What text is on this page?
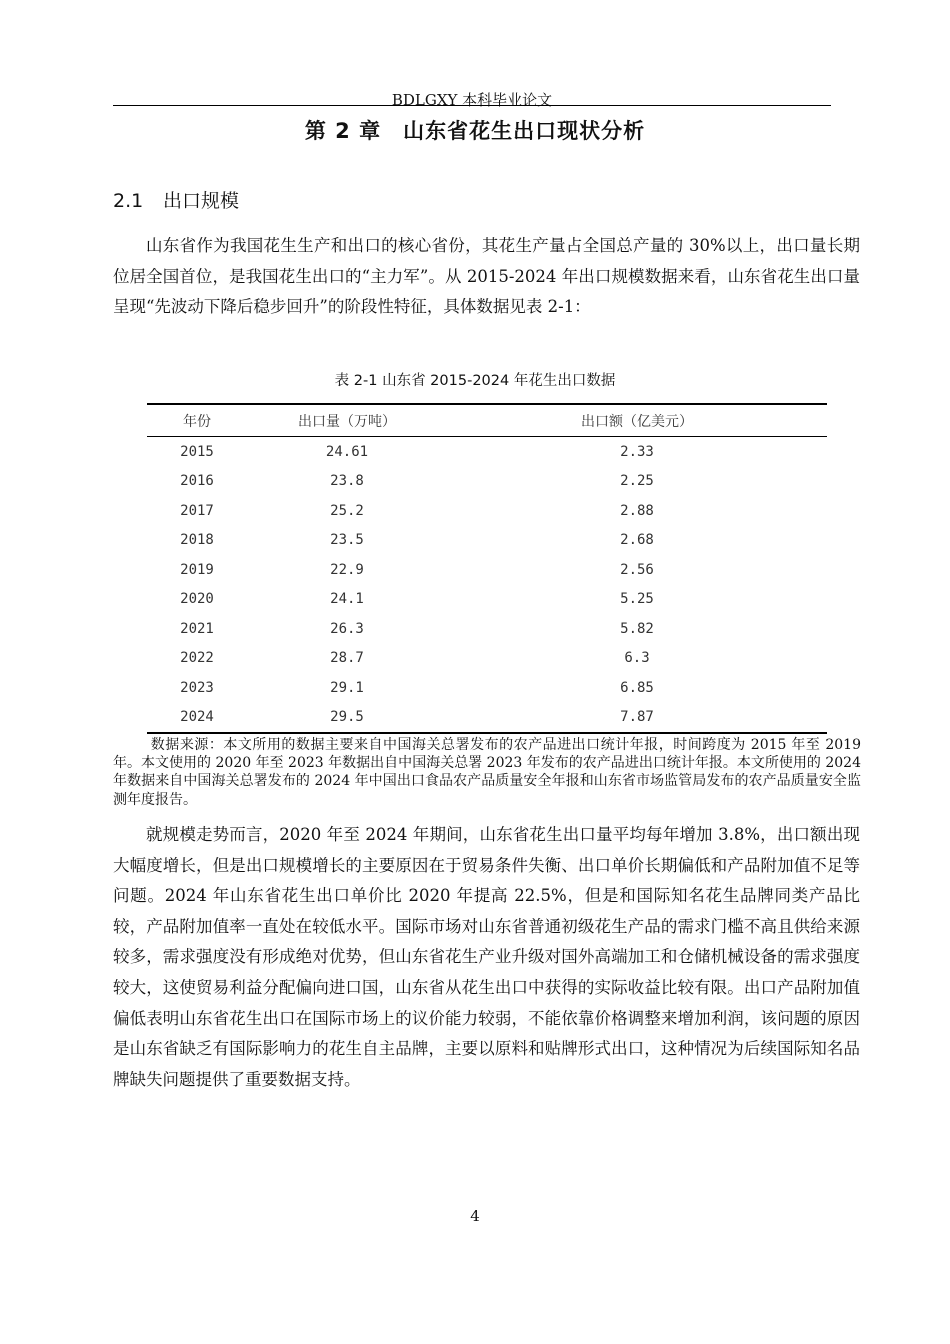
BDLGXY 本科毕业论文
第 2 章　山东省花生出口现状分析
2.1 出口规模

山东省作为我国花生生产和出口的核心省份，其花生产量占全国总产量的 30%以上，出口量长期位居全国首位，是我国花生出口的“主力军”。从 2015-2024 年出口规模数据来看，山东省花生出口量呈现“先波动下降后稳步回升”的阶段性特征，具体数据见表 2-1：

表 2-1 山东省 2015-2024 年花生出口数据
年份	出口量（万吨）	出口额（亿美元）
2015	24.61	2.33
2016	23.8	2.25
2017	25.2	2.88
2018	23.5	2.68
2019	22.9	2.56
2020	24.1	5.25
2021	26.3	5.82
2022	28.7	6.3
2023	29.1	6.85
2024	29.5	7.87

数据来源：本文所用的数据主要来自中国海关总署发布的农产品进出口统计年报，时间跨度为 2015 年至 2019 年。本文使用的 2020 年至 2023 年数据出自中国海关总署 2023 年发布的农产品进出口统计年报。本文所使用的 2024 年数据来自中国海关总署发布的 2024 年中国出口食品农产品质量安全年报和山东省市场监管局发布的农产品质量安全监测年度报告。

就规模走势而言，2020 年至 2024 年期间，山东省花生出口量平均每年增加 3.8%，出口额出现大幅度增长，但是出口规模增长的主要原因在于贸易条件失衡、出口单价长期偏低和产品附加值不足等问题。2024 年山东省花生出口单价比 2020 年提高 22.5%，但是和国际知名花生品牌同类产品比较，产品附加值率一直处在较低水平。国际市场对山东省普通初级花生产品的需求门槛不高且供给来源较多，需求强度没有形成绝对优势，但山东省花生产业升级对国外高端加工和仓储机械设备的需求强度较大，这使贸易利益分配偏向进口国，山东省从花生出口中获得的实际收益比较有限。出口产品附加值偏低表明山东省花生出口在国际市场上的议价能力较弱，不能依靠价格调整来增加利润，该问题的原因是山东省缺乏有国际影响力的花生自主品牌，主要以原料和贴牌形式出口，这种情况为后续国际知名品牌缺失问题提供了重要数据支持。

4
